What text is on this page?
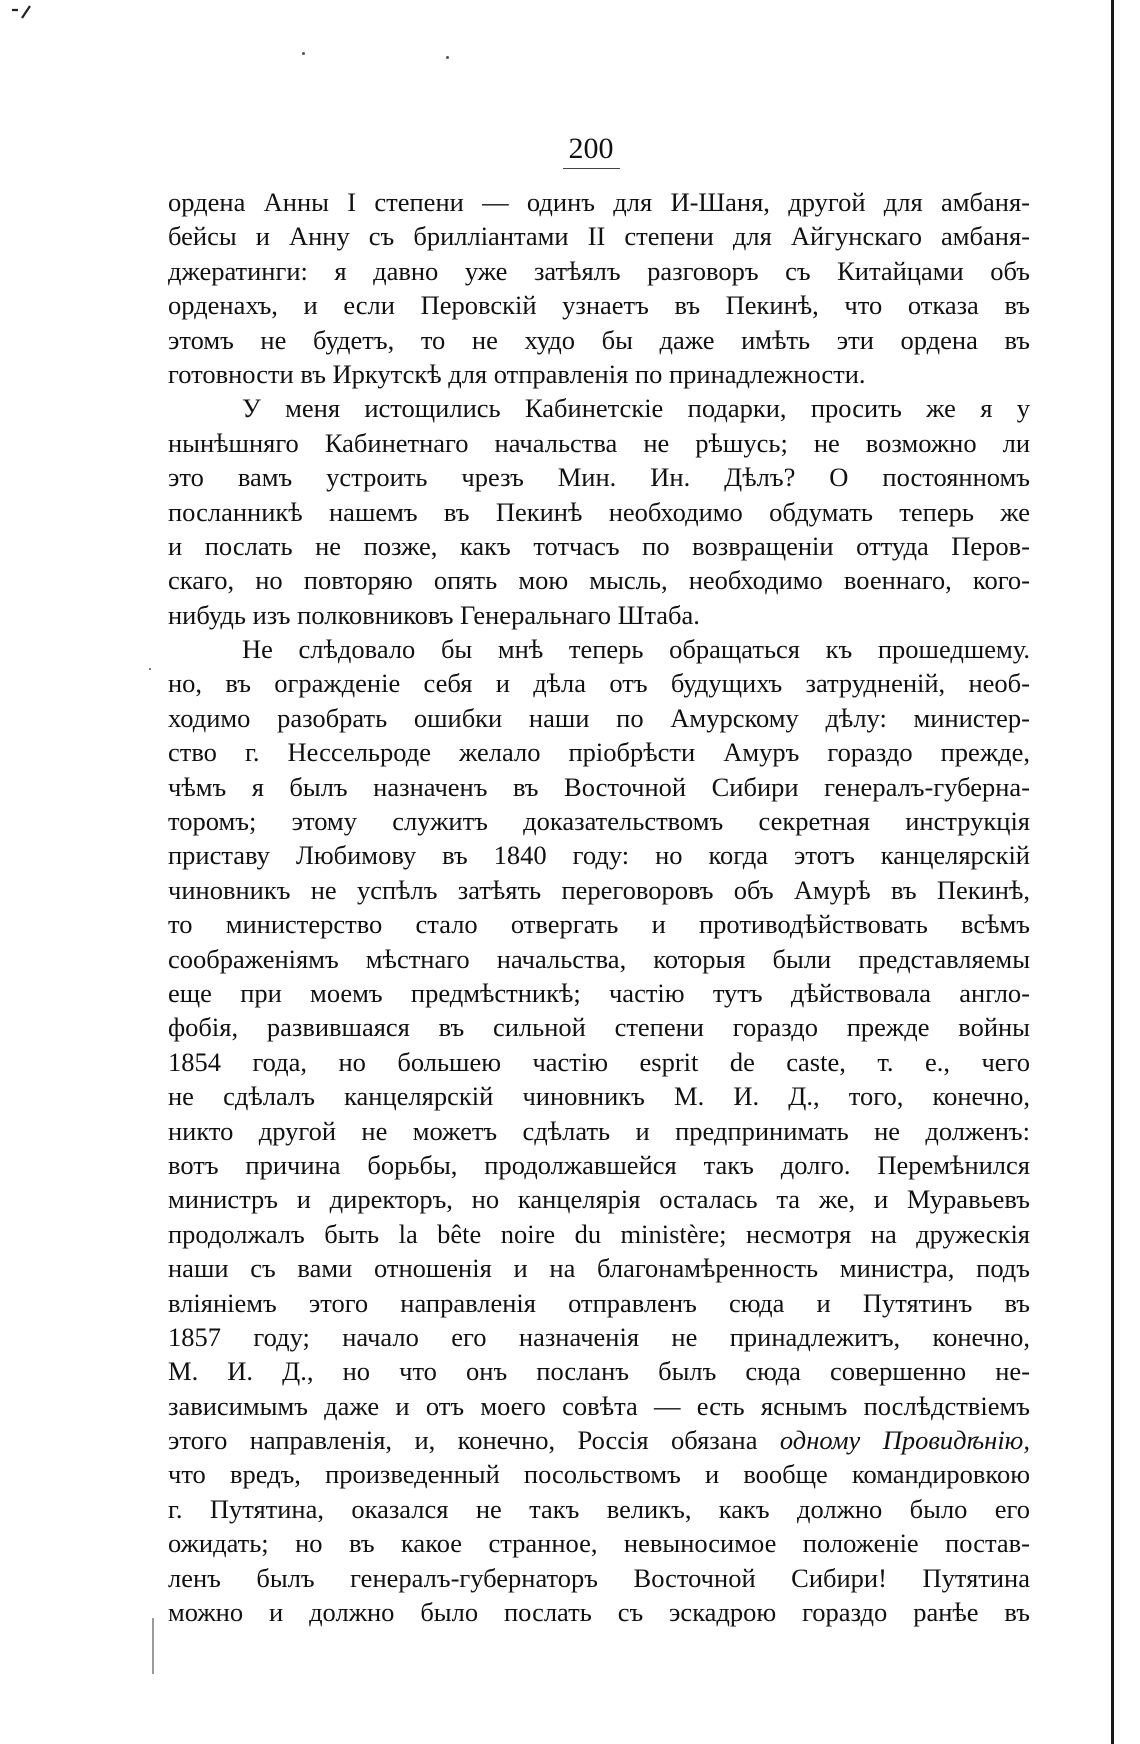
200
ордена Анны I степени — одинъ для И-Шаня, другой для амбаня-
бейсы и Анну съ брилліантами II степени для Айгунскаго амбаня-
джератинги: я давно уже затѣялъ разговоръ съ Китайцами объ
орденахъ, и если Перовскій узнаетъ въ Пекинѣ, что отказа въ
этомъ не будетъ, то не худо бы даже имѣть эти ордена въ
готовности въ Иркутскѣ для отправленія по принадлежности.
У меня истощились Кабинетскіе подарки, просить же я у
нынѣшняго Кабинетнаго начальства не рѣшусь; не возможно ли
это вамъ устроить чрезъ Мин. Ин. Дѣлъ? О постоянномъ
посланникѣ нашемъ въ Пекинѣ необходимо обдумать теперь же
и послать не позже, какъ тотчасъ по возвращеніи оттуда Перов-
скаго, но повторяю опять мою мысль, необходимо военнаго, кого-
нибудь изъ полковниковъ Генеральнаго Штаба.
Не слѣдовало бы мнѣ теперь обращаться къ прошедшему.
но, въ огражденіе себя и дѣла отъ будущихъ затрудненій, необ-
ходимо разобрать ошибки наши по Амурскому дѣлу: министер-
ство г. Нессельроде желало пріобрѣсти Амуръ гораздо прежде,
чѣмъ я былъ назначенъ въ Восточной Сибири генералъ-губерна-
торомъ; этому служитъ доказательствомъ секретная инструкція
приставу Любимову въ 1840 году: но когда этотъ канцелярскій
чиновникъ не успѣлъ затѣять переговоровъ объ Амурѣ въ Пекинѣ,
то министерство стало отвергать и противодѣйствовать всѣмъ
соображеніямъ мѣстнаго начальства, которыя были представляемы
еще при моемъ предмѣстникѣ; частію тутъ дѣйствовала англо-
фобія, развившаяся въ сильной степени гораздо прежде войны
1854 года, но большею частію esprit de caste, т. е., чего
не сдѣлалъ канцелярскій чиновникъ М. И. Д., того, конечно,
никто другой не можетъ сдѣлать и предпринимать не долженъ:
вотъ причина борьбы, продолжавшейся такъ долго. Перемѣнился
министръ и директоръ, но канцелярія осталась та же, и Муравьевъ
продолжалъ быть la bête noire du ministère; несмотря на дружескія
наши съ вами отношенія и на благонамѣренность министра, подъ
вліяніемъ этого направленія отправленъ сюда и Путятинъ въ
1857 году; начало его назначенія не принадлежитъ, конечно,
М. И. Д., но что онъ посланъ былъ сюда совершенно не-
зависимымъ даже и отъ моего совѣта — есть яснымъ послѣдствіемъ
этого направленія, и, конечно, Россія обязана одному Провидѣнію,
что вредъ, произведенный посольствомъ и вообще командировкою
г. Путятина, оказался не такъ великъ, какъ должно было его
ожидать; но въ какое странное, невыносимое положеніе постав-
ленъ былъ генералъ-губернаторъ Восточной Сибири! Путятина
можно и должно было послать съ эскадрою гораздо ранѣе въ
